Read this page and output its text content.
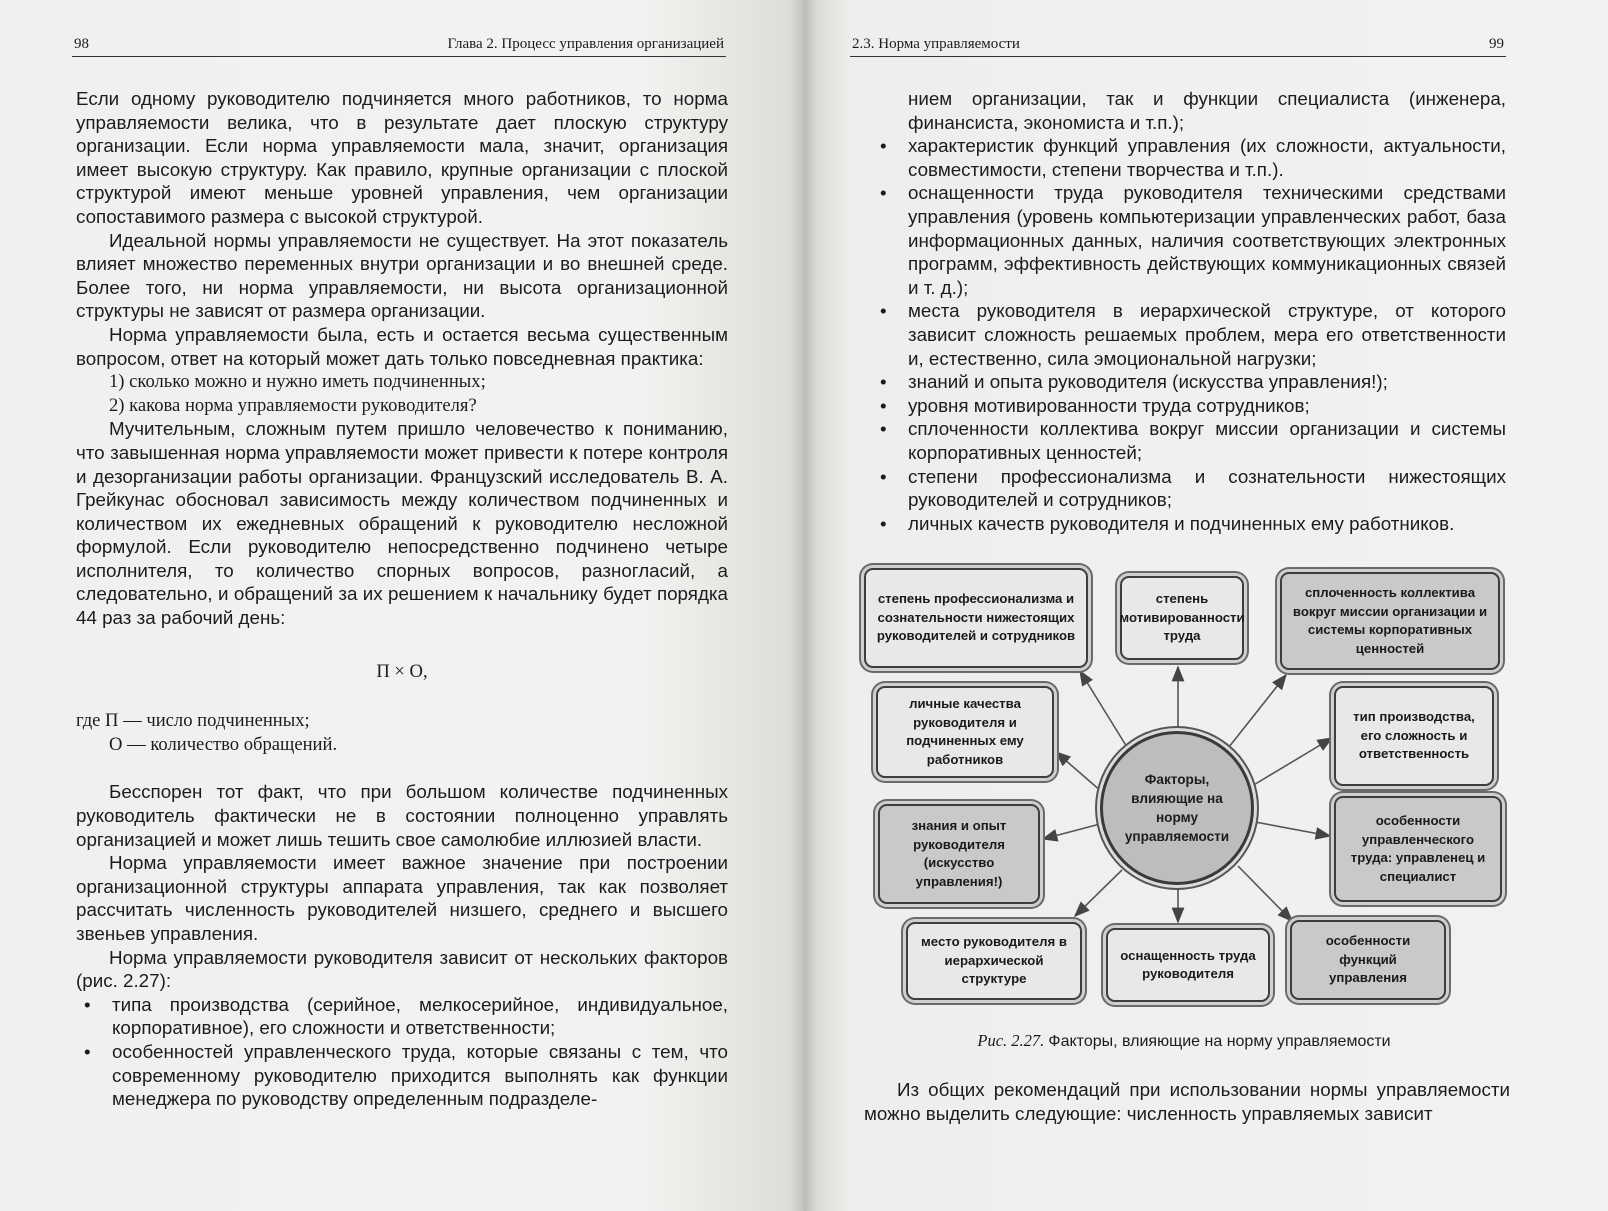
98	Глава 2. Процесс управления организацией

Если одному руководителю подчиняется много работников, то норма управляемости велика, что в результате дает плоскую структуру организации. Если норма управляемости мала, значит, организация имеет высокую структуру. Как правило, крупные организации с плоской структурой имеют меньше уровней управления, чем организации сопоставимого размера с высокой структурой.

Идеальной нормы управляемости не существует. На этот показатель влияет множество переменных внутри организации и во внешней среде. Более того, ни норма управляемости, ни высота организационной структуры не зависят от размера организации.

Норма управляемости была, есть и остается весьма существенным вопросом, ответ на который может дать только повседневная практика:

1) сколько можно и нужно иметь подчиненных;

2) какова норма управляемости руководителя?

Мучительным, сложным путем пришло человечество к пониманию, что завышенная норма управляемости может привести к потере контроля и дезорганизации работы организации. Французский исследователь В. А. Грейкунас обосновал зависимость между количеством подчиненных и количеством их ежедневных обращений к руководителю несложной формулой. Если руководителю непосредственно подчинено четыре исполнителя, то количество спорных вопросов, разногласий, а следовательно, и обращений за их решением к начальнику будет порядка 44 раз за рабочий день:

П × О,

где П — число подчиненных;

О — количество обращений.

Бесспорен тот факт, что при большом количестве подчиненных руководитель фактически не в состоянии полноценно управлять организацией и может лишь тешить свое самолюбие иллюзией власти.

Норма управляемости имеет важное значение при построении организационной структуры аппарата управления, так как позволяет рассчитать численность руководителей низшего, среднего и высшего звеньев управления.

Норма управляемости руководителя зависит от нескольких факторов (рис. 2.27):

• типа производства (серийное, мелкосерийное, индивидуальное, корпоративное), его сложности и ответственности;
• особенностей управленческого труда, которые связаны с тем, что современному руководителю приходится выполнять как функции менеджера по руководству определенным подразделе-
2.3. Норма управляемости	99

нием организации, так и функции специалиста (инженера, финансиста, экономиста и т.п.);

• характеристик функций управления (их сложности, актуальности, совместимости, степени творчества и т.п.).
• оснащенности труда руководителя техническими средствами управления (уровень компьютеризации управленческих работ, база информационных данных, наличия соответствующих электронных программ, эффективность действующих коммуникационных связей и т. д.);
• места руководителя в иерархической структуре, от которого зависит сложность решаемых проблем, мера его ответственности и, естественно, сила эмоциональной нагрузки;
• знаний и опыта руководителя (искусства управления!);
• уровня мотивированности труда сотрудников;
• сплоченности коллектива вокруг миссии организации и системы корпоративных ценностей;
• степени профессионализма и сознательности нижестоящих руководителей и сотрудников;
• личных качеств руководителя и подчиненных ему работников.
Факторы, влияющие на норму управляемости
степень профессионализма и сознательности нижестоящих руководителей и сотрудников
степень мотивированности труда
сплоченность коллектива вокруг миссии организации и системы корпоративных ценностей
личные качества руководителя и подчиненных ему работников
тип производства, его сложность и ответственность
знания и опыт руководителя (искусство управления!)
особенности управленческого труда: управленец и специалист
место руководителя в иерархической структуре
оснащенность труда руководителя
особенности функций управления
Рис. 2.27. Факторы, влияющие на норму управляемости

Из общих рекомендаций при использовании нормы управляемости можно выделить следующие: численность управляемых зависит
